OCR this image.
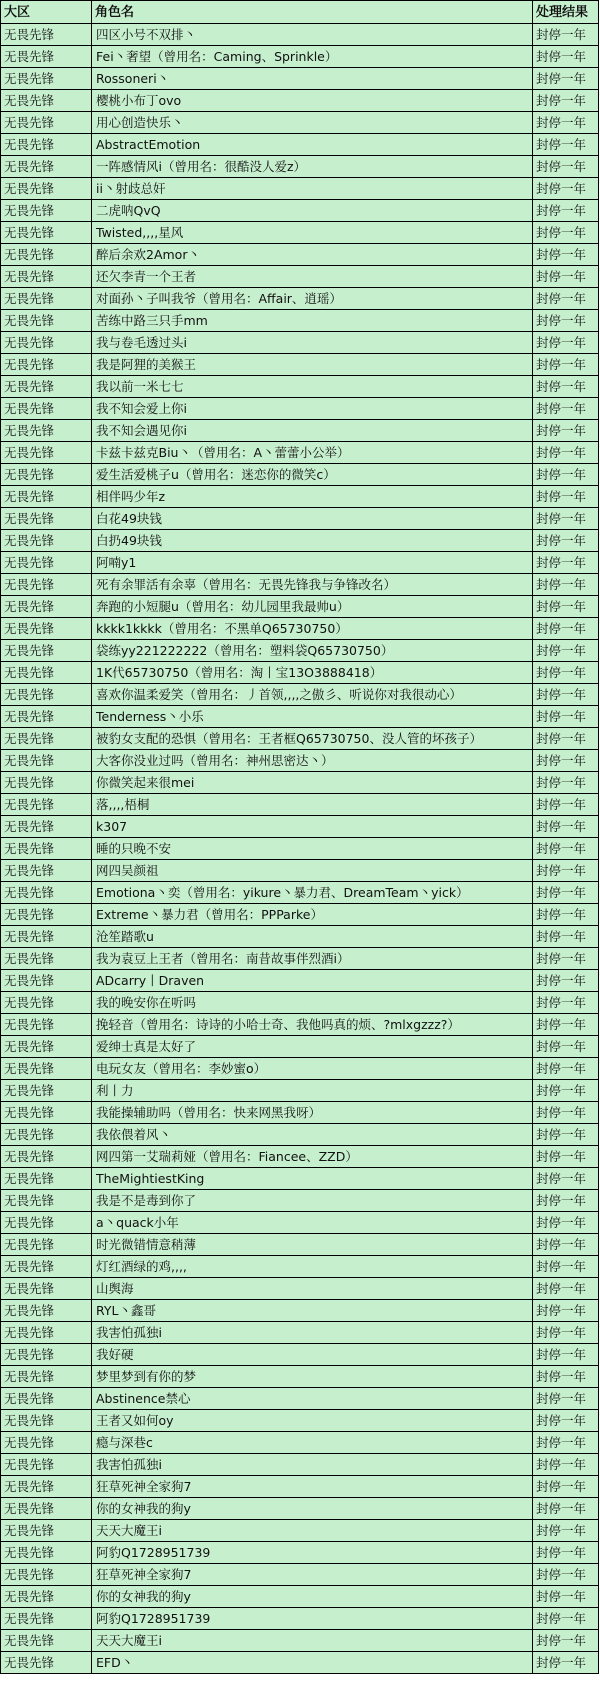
大区	角色名	处理结果
无畏先锋	四区小号不双排丶	封停一年
无畏先锋	Fei丶奢望（曾用名：Caming、Sprinkle）	封停一年
无畏先锋	Rossoneri丶	封停一年
无畏先锋	樱桃小布丁ovo	封停一年
无畏先锋	用心创造快乐丶	封停一年
无畏先锋	AbstractEmotion	封停一年
无畏先锋	一阵感情风i（曾用名：很酷没人爱z）	封停一年
无畏先锋	ii丶射歧总奸	封停一年
无畏先锋	二虎呐QvQ	封停一年
无畏先锋	Twisted,,,,星风	封停一年
无畏先锋	醉后余欢2Amor丶	封停一年
无畏先锋	还欠李青一个王者	封停一年
无畏先锋	对面孙丶子叫我爷（曾用名：Affair、逍瑶）	封停一年
无畏先锋	苦练中路三只手mm	封停一年
无畏先锋	我与卷毛透过头i	封停一年
无畏先锋	我是阿狸的美猴王	封停一年
无畏先锋	我以前一米七七	封停一年
无畏先锋	我不知会爱上你i	封停一年
无畏先锋	我不知会遇见你i	封停一年
无畏先锋	卡兹卡兹克Biu丶（曾用名：A丶蕾蕾小公举）	封停一年
无畏先锋	爱生活爱桃子u（曾用名：迷恋你的微笑c）	封停一年
无畏先锋	相伴吗少年z	封停一年
无畏先锋	白花49块钱	封停一年
无畏先锋	白扔49块钱	封停一年
无畏先锋	阿喃y1	封停一年
无畏先锋	死有余罪活有余辜（曾用名：无畏先锋我与争锋改名）	封停一年
无畏先锋	奔跑的小短腿u（曾用名：幼儿园里我最帅u）	封停一年
无畏先锋	kkkk1kkkk（曾用名：不黑单Q65730750）	封停一年
无畏先锋	袋练yy221222222（曾用名：塑料袋Q65730750）	封停一年
无畏先锋	1K代65730750（曾用名：淘丨宝13O3888418）	封停一年
无畏先锋	喜欢你温柔爱笑（曾用名：丿首领,,,,之傲彡、听说你对我很动心）	封停一年
无畏先锋	Tenderness丶小乐	封停一年
无畏先锋	被豹女支配的恐惧（曾用名：王者框Q65730750、没人管的坏孩子）	封停一年
无畏先锋	大客你没业过吗（曾用名：神州思密达丶）	封停一年
无畏先锋	你微笑起来很mei	封停一年
无畏先锋	落,,,,梧桐	封停一年
无畏先锋	k307	封停一年
无畏先锋	睡的只晚不安	封停一年
无畏先锋	网四吴颜祖	封停一年
无畏先锋	Emotiona丶奕（曾用名：yikure丶暴力君、DreamTeam丶yick）	封停一年
无畏先锋	Extreme丶暴力君（曾用名：PPParke）	封停一年
无畏先锋	沧笙踏歌u	封停一年
无畏先锋	我为袁豆上王者（曾用名：南昔故事伴烈酒i）	封停一年
无畏先锋	ADcarry丨Draven	封停一年
无畏先锋	我的晚安你在听吗	封停一年
无畏先锋	挽轻音（曾用名：诗诗的小哈士奇、我他吗真的烦、?mlxgzzz?）	封停一年
无畏先锋	爱绅士真是太好了	封停一年
无畏先锋	电玩女友（曾用名：李妙蜜o）	封停一年
无畏先锋	利丨力	封停一年
无畏先锋	我能操辅助吗（曾用名：快来网黑我呀）	封停一年
无畏先锋	我依偎着风丶	封停一年
无畏先锋	网四第一艾瑞莉娅（曾用名：Fiancee、ZZD）	封停一年
无畏先锋	TheMightiestKing	封停一年
无畏先锋	我是不是毒到你了	封停一年
无畏先锋	a丶quack小年	封停一年
无畏先锋	时光微错情意稍薄	封停一年
无畏先锋	灯红酒绿的鸡,,,,	封停一年
无畏先锋	山舆海	封停一年
无畏先锋	RYL丶鑫哥	封停一年
无畏先锋	我害怕孤独i	封停一年
无畏先锋	我好硬	封停一年
无畏先锋	梦里梦到有你的梦	封停一年
无畏先锋	Abstinence禁心	封停一年
无畏先锋	王者又如何oy	封停一年
无畏先锋	瘾与深巷c	封停一年
无畏先锋	我害怕孤独i	封停一年
无畏先锋	狂草死神全家狗7	封停一年
无畏先锋	你的女神我的狗y	封停一年
无畏先锋	天天大魔王i	封停一年
无畏先锋	阿豹Q1728951739	封停一年
无畏先锋	狂草死神全家狗7	封停一年
无畏先锋	你的女神我的狗y	封停一年
无畏先锋	阿豹Q1728951739	封停一年
无畏先锋	天天大魔王i	封停一年
无畏先锋	EFD丶	封停一年
